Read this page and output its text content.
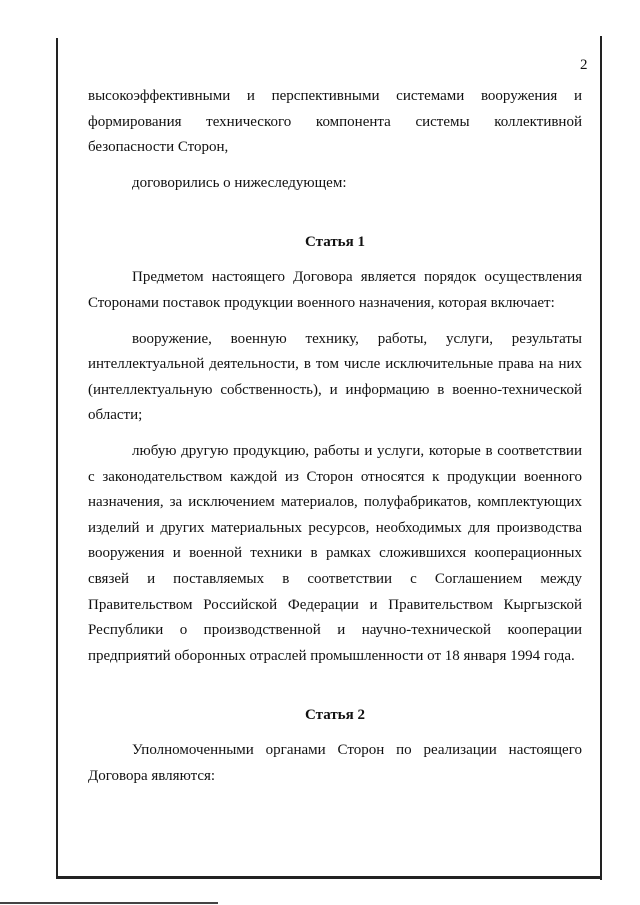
2

высокоэффективными и перспективными системами вооружения и формирования технического компонента системы коллективной безопасности Сторон,

договорились о нижеследующем:

Статья 1

Предметом настоящего Договора является порядок осуществления Сторонами поставок продукции военного назначения, которая включает:

вооружение, военную технику, работы, услуги, результаты интеллектуальной деятельности, в том числе исключительные права на них (интеллектуальную собственность), и информацию в военно-технической области;

любую другую продукцию, работы и услуги, которые в соответствии с законодательством каждой из Сторон относятся к продукции военного назначения, за исключением материалов, полуфабрикатов, комплектующих изделий и других материальных ресурсов, необходимых для производства вооружения и военной техники в рамках сложившихся кооперационных связей и поставляемых в соответствии с Соглашением между Правительством Российской Федерации и Правительством Кыргызской Республики о производственной и научно-технической кооперации предприятий оборонных отраслей промышленности от 18 января 1994 года.

Статья 2

Уполномоченными органами Сторон по реализации настоящего Договора являются:
